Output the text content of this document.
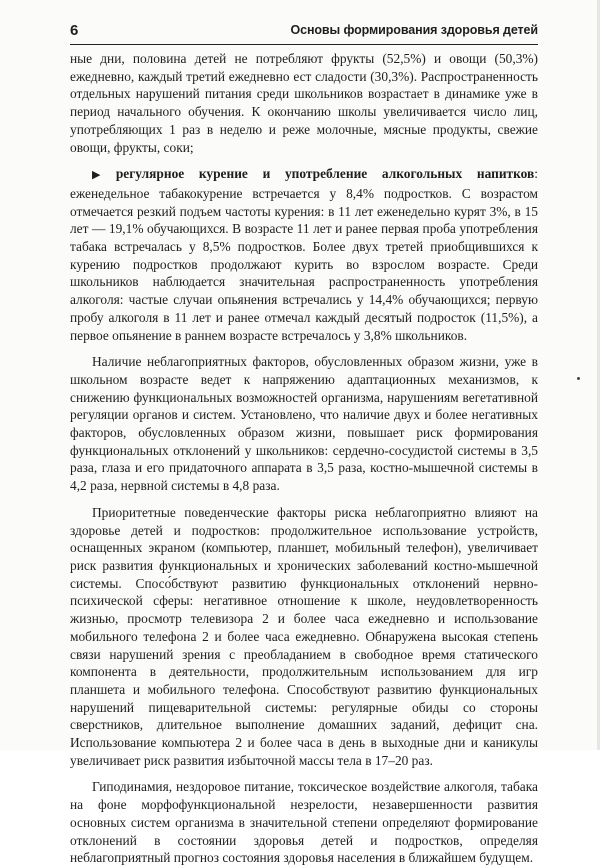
6	Основы формирования здоровья детей

ные дни, половина детей не потребляют фрукты (52,5%) и овощи (50,3%) ежедневно, каждый третий ежедневно ест сладости (30,3%). Распространенность отдельных нарушений питания среди школьников возрастает в динамике уже в период начального обучения. К окончанию школы увеличивается число лиц, употребляющих 1 раз в неделю и реже молочные, мясные продукты, свежие овощи, фрукты, соки;

▶ регулярное курение и употребление алкогольных напитков: еженедельное табакокурение встречается у 8,4% подростков. С возрастом отмечается резкий подъем частоты курения: в 11 лет еженедельно курят 3%, в 15 лет — 19,1% обучающихся. В возрасте 11 лет и ранее первая проба употребления табака встречалась у 8,5% подростков. Более двух третей приобщившихся к курению подростков продолжают курить во взрослом возрасте. Среди школьников наблюдается значительная распространенность употребления алкоголя: частые случаи опьянения встречались у 14,4% обучающихся; первую пробу алкоголя в 11 лет и ранее отмечал каждый десятый подросток (11,5%), а первое опьянение в раннем возрасте встречалось у 3,8% школьников.

Наличие неблагоприятных факторов, обусловленных образом жизни, уже в школьном возрасте ведет к напряжению адаптационных механизмов, к снижению функциональных возможностей организма, нарушениям вегетативной регуляции органов и систем. Установлено, что наличие двух и более негативных факторов, обусловленных образом жизни, повышает риск формирования функциональных отклонений у школьников: сердечно-сосудистой системы в 3,5 раза, глаза и его придаточного аппарата в 3,5 раза, костно-мышечной системы в 4,2 раза, нервной системы в 4,8 раза.

Приоритетные поведенческие факторы риска неблагоприятно влияют на здоровье детей и подростков: продолжительное использование устройств, оснащенных экраном (компьютер, планшет, мобильный телефон), увеличивает риск развития функциональных и хронических заболеваний костно-мышечной системы. Спосо́бствуют развитию функциональных отклонений нервно-психической сферы: негативное отношение к школе, неудовлетворенность жизнью, просмотр телевизора 2 и более часа ежедневно и использование мобильного телефона 2 и более часа ежедневно. Обнаружена высокая степень связи нарушений зрения с преобладанием в свободное время статического компонента в деятельности, продолжительным использованием для игр планшета и мобильного телефона. Способствуют развитию функциональных нарушений пищеварительной системы: регулярные обиды со стороны сверстников, длительное выполнение домашних заданий, дефицит сна. Использование компьютера 2 и более часа в день в выходные дни и каникулы увеличивает риск развития избыточной массы тела в 17–20 раз.

Гиподинамия, нездоровое питание, токсическое воздействие алкоголя, табака на фоне морфофункциональной незрелости, незавершенности развития основных систем организма в значительной степени определяют формирование отклонений в состоянии здоровья детей и подростков, определяя неблагоприятный прогноз состояния здоровья населения в ближайшем будущем.
